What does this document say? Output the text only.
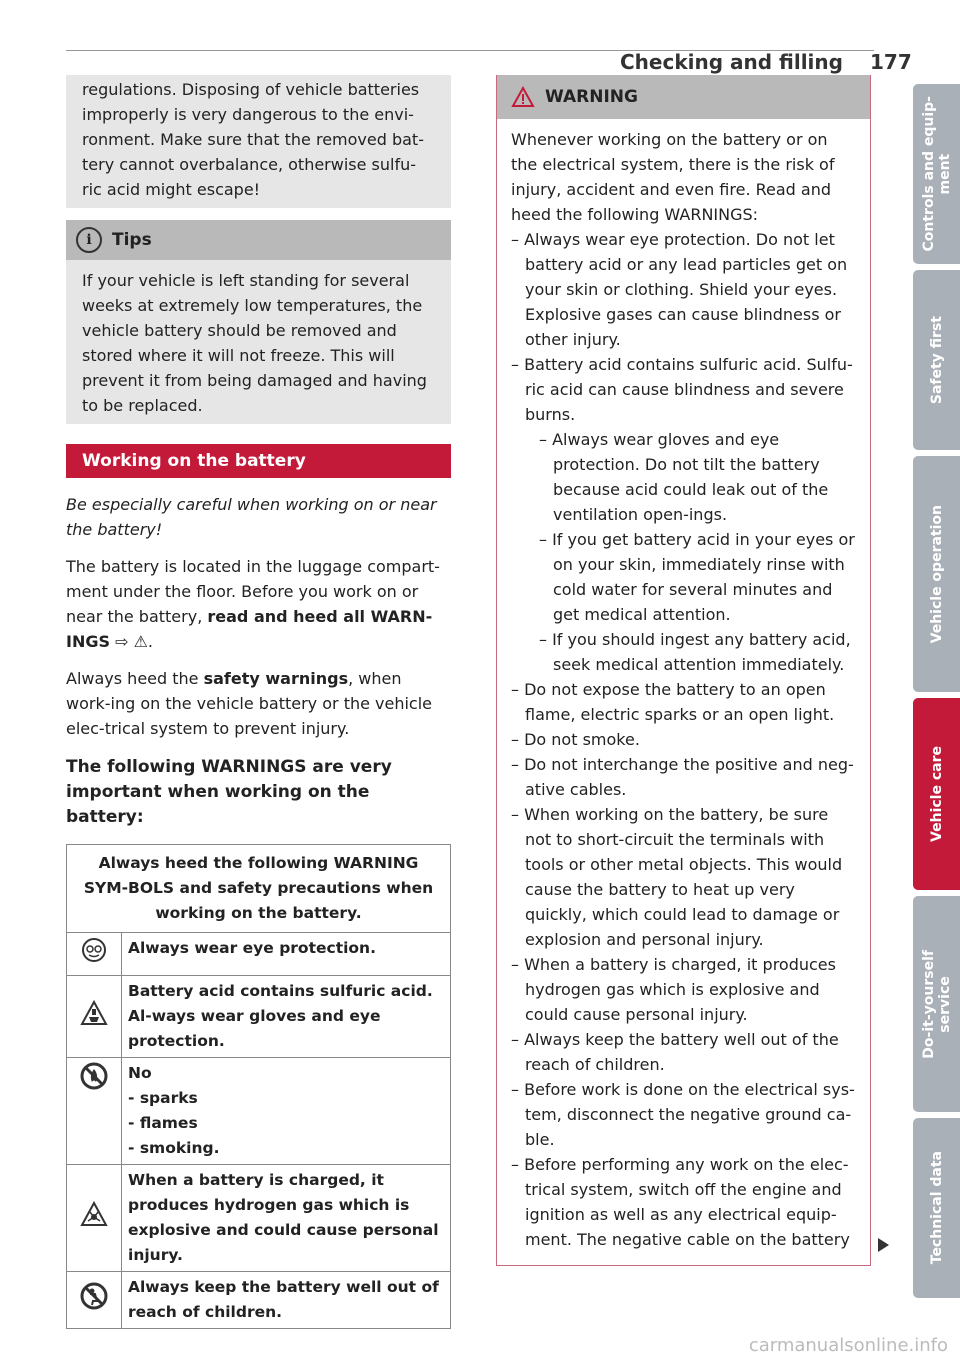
Checking and filling 177
regulations. Disposing of vehicle batteries improperly is very dangerous to the envi-ronment. Make sure that the removed bat-tery cannot overbalance, otherwise sulfu-ric acid might escape!
i	Tips
If your vehicle is left standing for several weeks at extremely low temperatures, the vehicle battery should be removed and stored where it will not freeze. This will prevent it from being damaged and having to be replaced.
Working on the battery

Be especially careful when working on or near the battery!

The battery is located in the luggage compart-ment under the floor. Before you work on or near the battery, read and heed all WARN-INGS ⇨ ⚠.

Always heed the safety warnings, when work-ing on the vehicle battery or the vehicle elec-trical system to prevent injury.

The following WARNINGS are very important when working on the battery:
Always heed the following WARNING SYM-BOLS and safety precautions when working on the battery.	
	Always wear eye protection.
	Battery acid contains sulfuric acid. Al-ways wear gloves and eye protection.

No
- sparks
- flames
- smoking.

	When a battery is charged, it produces hydrogen gas which is explosive and could cause personal injury.
	Always keep the battery well out of reach of children.
WARNING
Whenever working on the battery or on the electrical system, there is the risk of injury, accident and even fire. Read and heed the following WARNINGS:
– Always wear eye protection. Do not let battery acid or any lead particles get on your skin or clothing. Shield your eyes. Explosive gases can cause blindness or other injury.
– Battery acid contains sulfuric acid. Sulfu-ric acid can cause blindness and severe burns.
– Always wear gloves and eye protection. Do not tilt the battery because acid could leak out of the ventilation open-ings.
– If you get battery acid in your eyes or on your skin, immediately rinse with cold water for several minutes and get medical attention.
– If you should ingest any battery acid, seek medical attention immediately.
– Do not expose the battery to an open flame, electric sparks or an open light.
– Do not smoke.
– Do not interchange the positive and neg-ative cables.
– When working on the battery, be sure not to short-circuit the terminals with tools or other metal objects. This would cause the battery to heat up very quickly, which could lead to damage or explosion and personal injury.
– When a battery is charged, it produces hydrogen gas which is explosive and could cause personal injury.
– Always keep the battery well out of the reach of children.
– Before work is done on the electrical sys-tem, disconnect the negative ground ca-ble.
– Before performing any work on the elec-trical system, switch off the engine and ignition as well as any electrical equip-ment. The negative cable on the battery
Controls and equip-
ment
Safety first
Vehicle operation
Vehicle care
Do-it-yourself
service
Technical data
carmanualsonline.info
